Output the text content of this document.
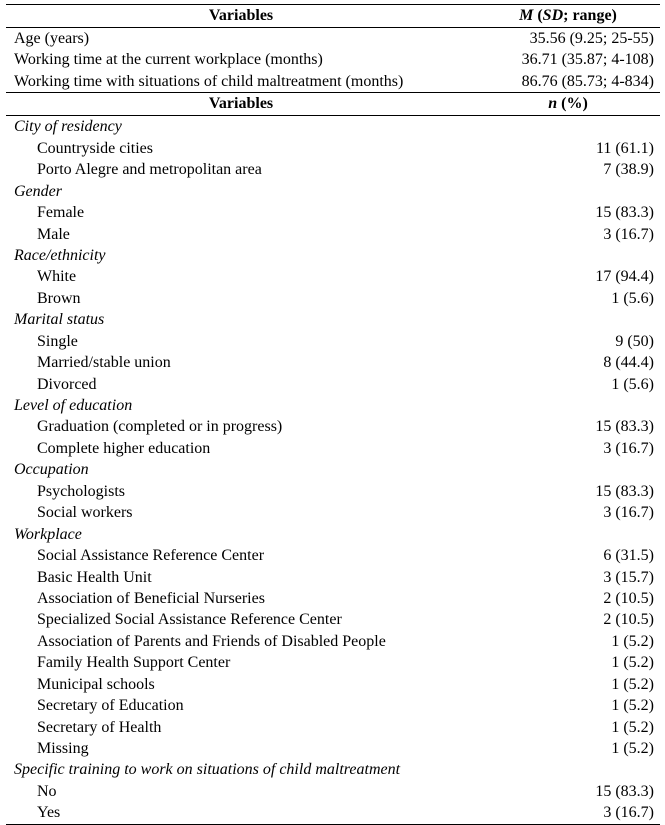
Variables	M (SD; range)
Age (years)	35.56 (9.25; 25-55)
Working time at the current workplace (months)	36.71 (35.87; 4-108)
Working time with situations of child maltreatment (months)	86.76 (85.73; 4-834)
Variables	n (%)
City of residency
Countryside cities	11 (61.1)
Porto Alegre and metropolitan area	7 (38.9)
Gender
Female	15 (83.3)
Male	3 (16.7)
Race/ethnicity
White	17 (94.4)
Brown	1 (5.6)
Marital status
Single	9 (50)
Married/stable union	8 (44.4)
Divorced	1 (5.6)
Level of education
Graduation (completed or in progress)	15 (83.3)
Complete higher education	3 (16.7)
Occupation
Psychologists	15 (83.3)
Social workers	3 (16.7)
Workplace
Social Assistance Reference Center	6 (31.5)
Basic Health Unit	3 (15.7)
Association of Beneficial Nurseries	2 (10.5)
Specialized Social Assistance Reference Center	2 (10.5)
Association of Parents and Friends of Disabled People	1 (5.2)
Family Health Support Center	1 (5.2)
Municipal schools	1 (5.2)
Secretary of Education	1 (5.2)
Secretary of Health	1 (5.2)
Missing	1 (5.2)
Specific training to work on situations of child maltreatment
No	15 (83.3)
Yes	3 (16.7)
